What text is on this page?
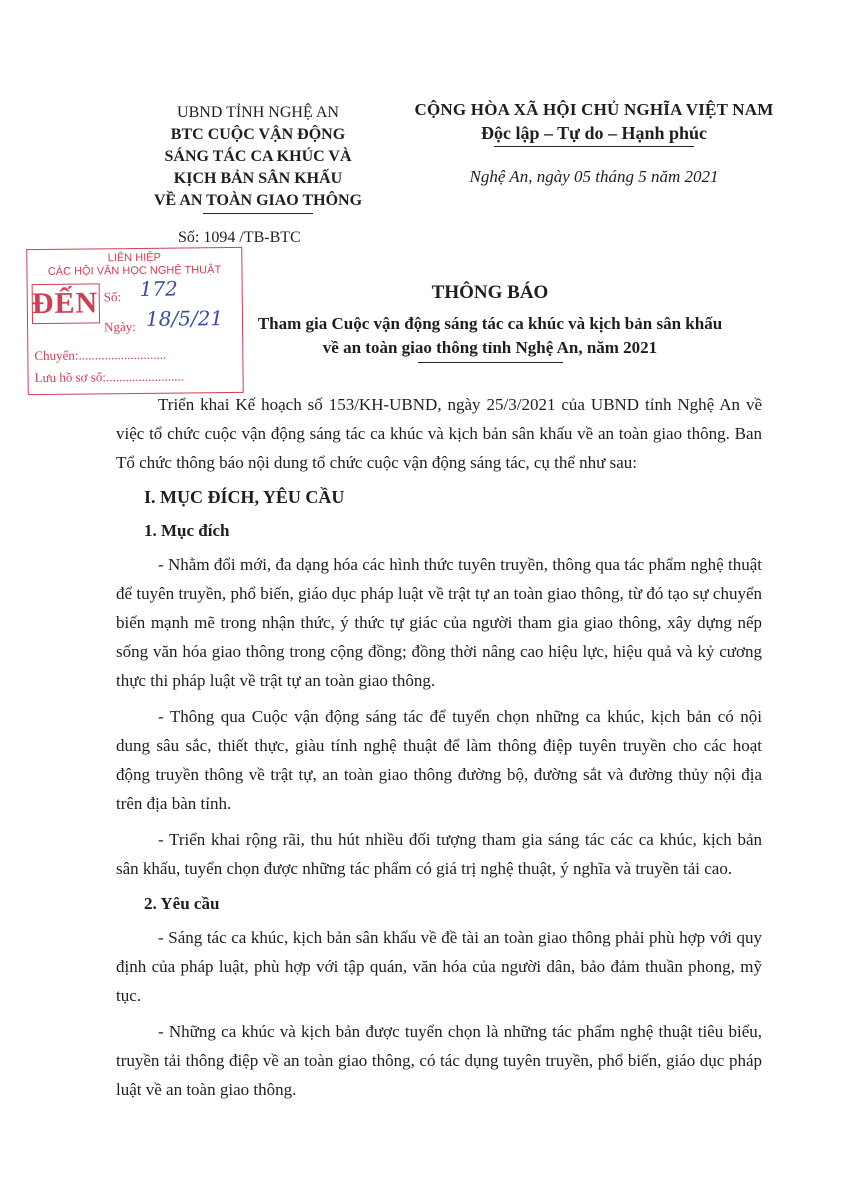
UBND TỈNH NGHỆ AN
BTC CUỘC VẬN ĐỘNG
SÁNG TÁC CA KHÚC VÀ
KỊCH BẢN SÂN KHẤU
VỀ AN TOÀN GIAO THÔNG
CỘNG HÒA XÃ HỘI CHỦ NGHĨA VIỆT NAM
Độc lập – Tự do – Hạnh phúc
Nghệ An, ngày 05 tháng 5 năm 2021
Số: 1094 /TB-BTC
LIÊN HIỆP
CÁC HỘI VĂN HỌC NGHỆ THUẬT
ĐẾN Số: 172
Ngày: 18/5/21
Chuyển:...........................
Lưu hồ sơ số:........................
THÔNG BÁO
Tham gia Cuộc vận động sáng tác ca khúc và kịch bản sân khấu
về an toàn giao thông tỉnh Nghệ An, năm 2021

Triển khai Kế hoạch số 153/KH-UBND, ngày 25/3/2021 của UBND tỉnh Nghệ An về việc tổ chức cuộc vận động sáng tác ca khúc và kịch bản sân khấu về an toàn giao thông. Ban Tổ chức thông báo nội dung tổ chức cuộc vận động sáng tác, cụ thể như sau:

I. MỤC ĐÍCH, YÊU CẦU
1. Mục đích

- Nhằm đổi mới, đa dạng hóa các hình thức tuyên truyền, thông qua tác phẩm nghệ thuật để tuyên truyền, phổ biến, giáo dục pháp luật về trật tự an toàn giao thông, từ đó tạo sự chuyển biến mạnh mẽ trong nhận thức, ý thức tự giác của người tham gia giao thông, xây dựng nếp sống văn hóa giao thông trong cộng đồng; đồng thời nâng cao hiệu lực, hiệu quả và kỷ cương thực thi pháp luật về trật tự an toàn giao thông.

- Thông qua Cuộc vận động sáng tác để tuyển chọn những ca khúc, kịch bản có nội dung sâu sắc, thiết thực, giàu tính nghệ thuật để làm thông điệp tuyên truyền cho các hoạt động truyền thông về trật tự, an toàn giao thông đường bộ, đường sắt và đường thủy nội địa trên địa bàn tỉnh.

- Triển khai rộng rãi, thu hút nhiều đối tượng tham gia sáng tác các ca khúc, kịch bản sân khấu, tuyển chọn được những tác phẩm có giá trị nghệ thuật, ý nghĩa và truyền tải cao.

2. Yêu cầu

- Sáng tác ca khúc, kịch bản sân khấu về đề tài an toàn giao thông phải phù hợp với quy định của pháp luật, phù hợp với tập quán, văn hóa của người dân, bảo đảm thuần phong, mỹ tục.

- Những ca khúc và kịch bản được tuyển chọn là những tác phẩm nghệ thuật tiêu biểu, truyền tải thông điệp về an toàn giao thông, có tác dụng tuyên truyền, phổ biến, giáo dục pháp luật về an toàn giao thông.
